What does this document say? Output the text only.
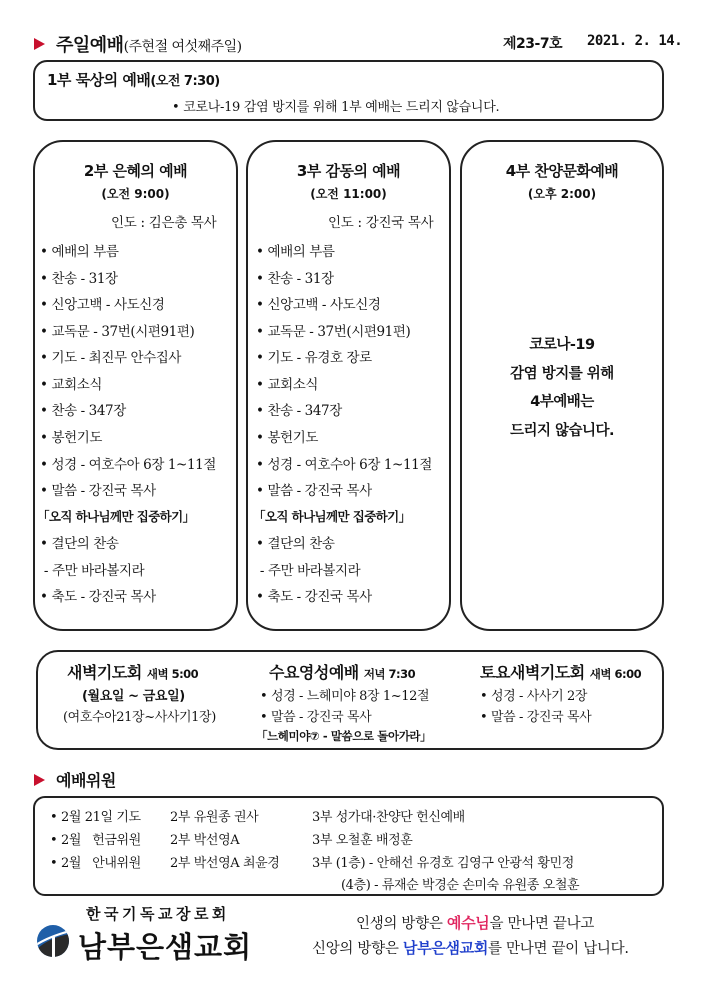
주일예배(주현절 여섯째주일)	제23-7호 2021. 2. 14.
1부 묵상의 예배(오전 7:30)
• 코로나-19 감염 방지를 위해 1부 예배는 드리지 않습니다.
2부 은혜의 예배
(오전 9:00)
인도 : 김은총 목사
• 예배의 부름
• 찬송 - 31장
• 신앙고백 - 사도신경
• 교독문 - 37번(시편91편)
• 기도 - 최진무 안수집사
• 교회소식
• 찬송 - 347장
• 봉헌기도
• 성경 - 여호수아 6장 1~11절
• 말씀 - 강진국 목사
「오직 하나님께만 집중하기」
• 결단의 찬송
- 주만 바라볼지라
• 축도 - 강진국 목사
3부 감동의 예배
(오전 11:00)
인도 : 강진국 목사
• 예배의 부름
• 찬송 - 31장
• 신앙고백 - 사도신경
• 교독문 - 37번(시편91편)
• 기도 - 유경호 장로
• 교회소식
• 찬송 - 347장
• 봉헌기도
• 성경 - 여호수아 6장 1~11절
• 말씀 - 강진국 목사
「오직 하나님께만 집중하기」
• 결단의 찬송
- 주만 바라볼지라
• 축도 - 강진국 목사
4부 찬양문화예배
(오후 2:00)
코로나-19
감염 방지를 위해
4부예배는
드리지 않습니다.
새벽기도회 새벽 5:00
(월요일 ~ 금요일)
(여호수아21장~사사기1장)
수요영성예배 저녁 7:30
• 성경 - 느헤미야 8장 1~12절
• 말씀 - 강진국 목사
「느헤미야⑦ - 말씀으로 돌아가라」
토요새벽기도회 새벽 6:00
• 성경 - 사사기 2장
• 말씀 - 강진국 목사
예배위원
• 2월 21일 기도 2부 유원종 권사	3부 성가대·찬양단 헌신예배
• 2월   헌금위원 2부 박선영A	3부 오철훈 배정훈
• 2월   안내위원 2부 박선영A 최윤경	3부 (1층) - 안해선 유경호 김영구 안광석 황민정
(4층) - 류재순 박경순 손미숙 유원종 오철훈
한국기독교장로회
남부은샘교회
인생의 방향은 예수님을 만나면 끝나고
신앙의 방향은 남부은샘교회를 만나면 끝이 납니다.
